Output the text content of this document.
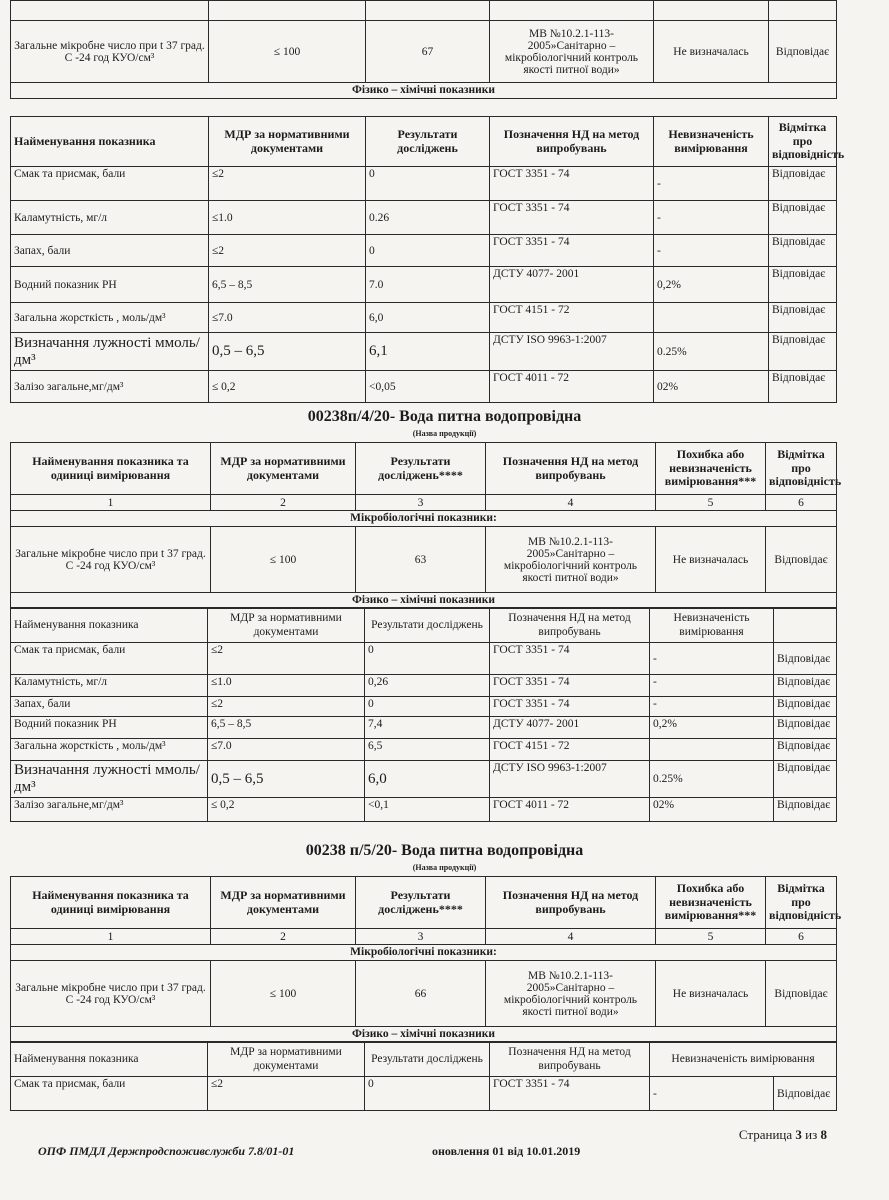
Загальне мікробне число при t 37 град. С -24 год КУО/см³	≤ 100	67	МВ №10.2.1-113-2005»Санітарно – мікробіологічний контроль якості питної води»	Не визначалась	Відповідає
Фізико – хімічні показники					
Найменування показника	МДР за нормативними документами	Результати досліджень	Позначення НД на метод випробувань	Невизначеність вимірювання	Відмітка про відповідність
Смак та присмак, бали	≤2	0	ГОСТ 3351 - 74	-	Відповідає
Каламутність, мг/л	≤1.0	0.26	ГОСТ 3351 - 74	-	Відповідає
Запах, бали	≤2	0	ГОСТ 3351 - 74	-	Відповідає
Водний показник PH	6,5 – 8,5	7.0	ДСТУ 4077- 2001	0,2%	Відповідає
Загальна жорсткість , моль/дм³	≤7.0	6,0	ГОСТ 4151 - 72		Відповідає
Визначання лужності ммоль/дм³	0,5 – 6,5	6,1	ДСТУ ISO 9963-1:2007	0.25%	Відповідає
Залізо загальне,мг/дм³	≤ 0,2	<0,05	ГОСТ 4011 - 72	02%	Відповідає
00238п/4/20- Вода питна водопровідна
(Назва продукції)
Найменування показника та одиниці вимірювання	МДР за нормативними документами	Результати досліджень****	Позначення НД на метод випробувань	Похибка або невизначеність вимірювання***	Відмітка про відповідність
1	2	3	4	5	6
Мікробіологічні показники:					
Загальне мікробне число при t 37 град. С -24 год КУО/см³	≤ 100	63	МВ №10.2.1-113-2005»Санітарно – мікробіологічний контроль якості питної води»	Не визначалась	Відповідає
Фізико – хімічні показники					
Найменування показника	МДР за нормативними документами	Результати досліджень	Позначення НД на метод випробувань	Невизначеність вимірювання	
Смак та присмак, бали	≤2	0	ГОСТ 3351 - 74	-	Відповідає
Каламутність, мг/л	≤1.0	0,26	ГОСТ 3351 - 74	-	Відповідає
Запах, бали	≤2	0	ГОСТ 3351 - 74	-	Відповідає
Водний показник PH	6,5 – 8,5	7,4	ДСТУ 4077- 2001	0,2%	Відповідає
Загальна жорсткість , моль/дм³	≤7.0	6,5	ГОСТ 4151 - 72		Відповідає
Визначання лужності ммоль/дм³	0,5 – 6,5	6,0	ДСТУ ISO 9963-1:2007	0.25%	Відповідає
Залізо загальне,мг/дм³	≤ 0,2	<0,1	ГОСТ 4011 - 72	02%	Відповідає
00238 п/5/20- Вода питна водопровідна
(Назва продукції)
Найменування показника та одиниці вимірювання	МДР за нормативними документами	Результати досліджень****	Позначення НД на метод випробувань	Похибка або невизначеність вимірювання***	Відмітка про відповідність
1	2	3	4	5	6
Мікробіологічні показники:					
Загальне мікробне число при t 37 град. С -24 год КУО/см³	≤ 100	66	МВ №10.2.1-113-2005»Санітарно – мікробіологічний контроль якості питної води»	Не визначалась	Відповідає
Фізико – хімічні показники					
Найменування показника	МДР за нормативними документами	Результати досліджень	Позначення НД на метод випробувань	Невизначеність вимірювання	
Смак та присмак, бали	≤2	0	ГОСТ 3351 - 74	-	Відповідає
Страница 3 из 8
ОПФ ПМДЛ Держпродспоживслужби 7.8/01-01	оновлення 01 від 10.01.2019
